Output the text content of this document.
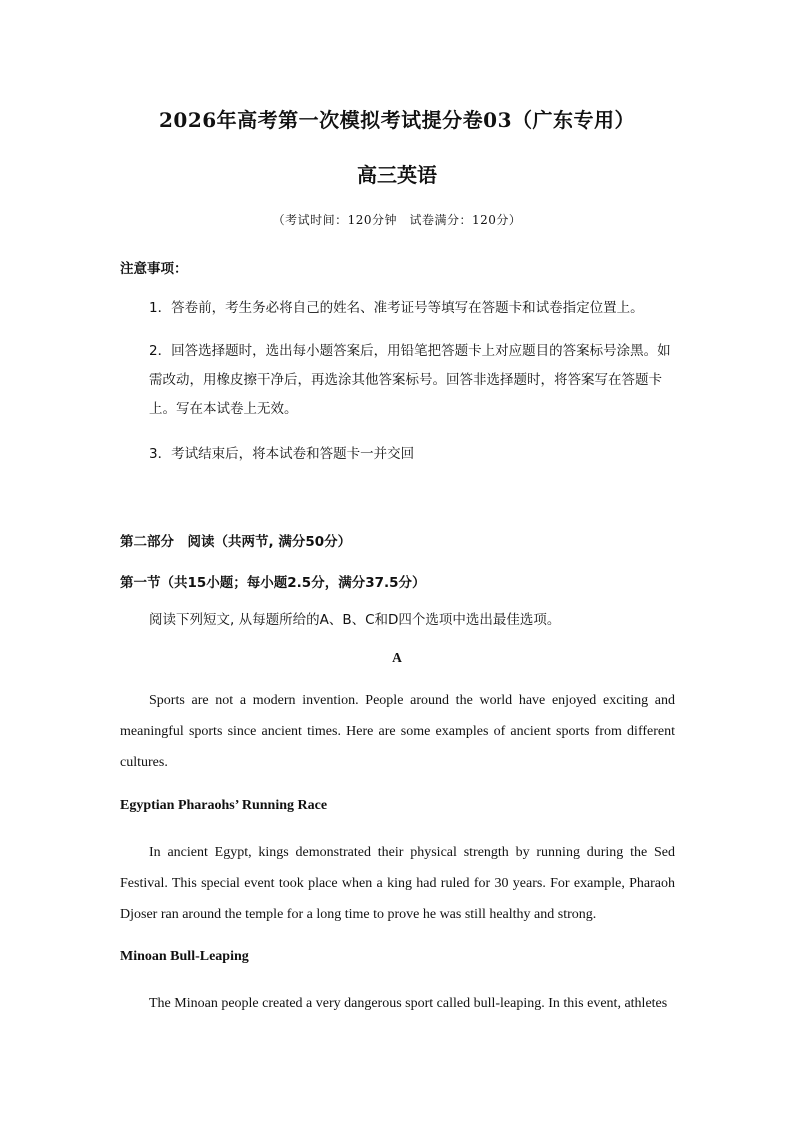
2026年高考第一次模拟考试提分卷03（广东专用）
高三英语
（考试时间：120分钟　试卷满分：120分）
注意事项：
1．答卷前，考生务必将自己的姓名、准考证号等填写在答题卡和试卷指定位置上。
2．回答选择题时，选出每小题答案后，用铅笔把答题卡上对应题目的答案标号涂黑。如需改动，用橡皮擦干净后，再选涂其他答案标号。回答非选择题时，将答案写在答题卡上。写在本试卷上无效。
3．考试结束后，将本试卷和答题卡一并交回
第二部分　阅读（共两节, 满分50分）
第一节（共15小题；每小题2.5分，满分37.5分）
阅读下列短文, 从每题所给的A、B、C和D四个选项中选出最佳选项。
A
Sports are not a modern invention. People around the world have enjoyed exciting and meaningful sports since ancient times. Here are some examples of ancient sports from different cultures.
Egyptian Pharaohs’ Running Race
In ancient Egypt, kings demonstrated their physical strength by running during the Sed Festival. This special event took place when a king had ruled for 30 years. For example, Pharaoh Djoser ran around the temple for a long time to prove he was still healthy and strong.
Minoan Bull-Leaping
The Minoan people created a very dangerous sport called bull-leaping. In this event, athletes
